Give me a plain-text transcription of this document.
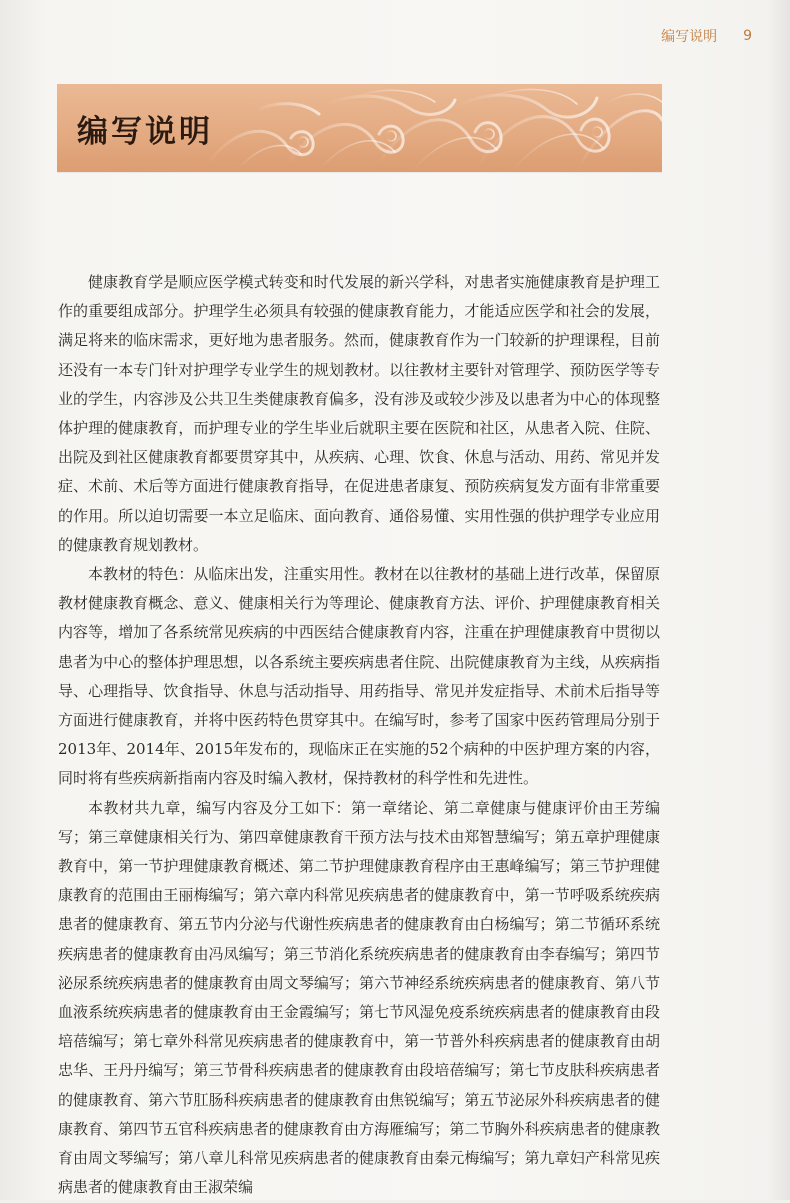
编写说明 9
编写说明

健康教育学是顺应医学模式转变和时代发展的新兴学科，对患者实施健康教育是护理工作的重要组成部分。护理学生必须具有较强的健康教育能力，才能适应医学和社会的发展，满足将来的临床需求，更好地为患者服务。然而，健康教育作为一门较新的护理课程，目前还没有一本专门针对护理学专业学生的规划教材。以往教材主要针对管理学、预防医学等专业的学生，内容涉及公共卫生类健康教育偏多，没有涉及或较少涉及以患者为中心的体现整体护理的健康教育，而护理专业的学生毕业后就职主要在医院和社区，从患者入院、住院、出院及到社区健康教育都要贯穿其中，从疾病、心理、饮食、休息与活动、用药、常见并发症、术前、术后等方面进行健康教育指导，在促进患者康复、预防疾病复发方面有非常重要的作用。所以迫切需要一本立足临床、面向教育、通俗易懂、实用性强的供护理学专业应用的健康教育规划教材。

本教材的特色：从临床出发，注重实用性。教材在以往教材的基础上进行改革，保留原教材健康教育概念、意义、健康相关行为等理论、健康教育方法、评价、护理健康教育相关内容等，增加了各系统常见疾病的中西医结合健康教育内容，注重在护理健康教育中贯彻以患者为中心的整体护理思想，以各系统主要疾病患者住院、出院健康教育为主线，从疾病指导、心理指导、饮食指导、休息与活动指导、用药指导、常见并发症指导、术前术后指导等方面进行健康教育，并将中医药特色贯穿其中。在编写时，参考了国家中医药管理局分别于2013年、2014年、2015年发布的，现临床正在实施的52个病种的中医护理方案的内容，同时将有些疾病新指南内容及时编入教材，保持教材的科学性和先进性。

本教材共九章，编写内容及分工如下：第一章绪论、第二章健康与健康评价由王芳编写；第三章健康相关行为、第四章健康教育干预方法与技术由郑智慧编写；第五章护理健康教育中，第一节护理健康教育概述、第二节护理健康教育程序由王惠峰编写；第三节护理健康教育的范围由王丽梅编写；第六章内科常见疾病患者的健康教育中，第一节呼吸系统疾病患者的健康教育、第五节内分泌与代谢性疾病患者的健康教育由白杨编写；第二节循环系统疾病患者的健康教育由冯凤编写；第三节消化系统疾病患者的健康教育由李春编写；第四节泌尿系统疾病患者的健康教育由周文琴编写；第六节神经系统疾病患者的健康教育、第八节血液系统疾病患者的健康教育由王金霞编写；第七节风湿免疫系统疾病患者的健康教育由段培蓓编写；第七章外科常见疾病患者的健康教育中，第一节普外科疾病患者的健康教育由胡忠华、王丹丹编写；第三节骨科疾病患者的健康教育由段培蓓编写；第七节皮肤科疾病患者的健康教育、第六节肛肠科疾病患者的健康教育由焦锐编写；第五节泌尿外科疾病患者的健康教育、第四节五官科疾病患者的健康教育由方海雁编写；第二节胸外科疾病患者的健康教育由周文琴编写；第八章儿科常见疾病患者的健康教育由秦元梅编写；第九章妇产科常见疾病患者的健康教育由王淑荣编
